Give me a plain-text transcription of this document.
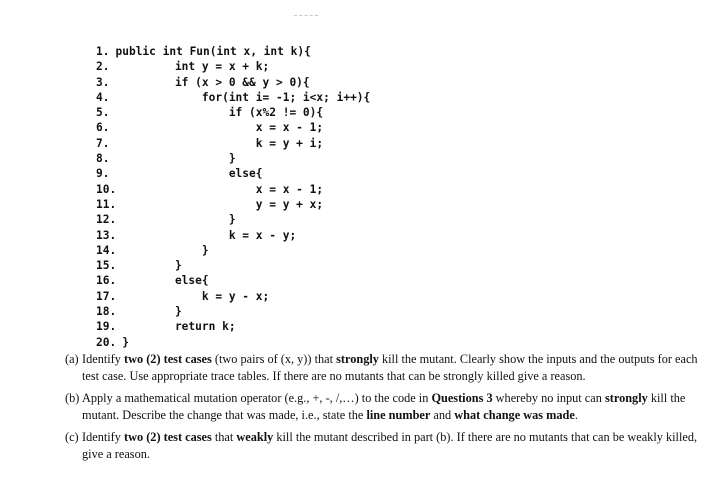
1. public int Fun(int x, int k){
2.	int y = x + k;
3.	if (x > 0 && y > 0){
4.	for(int i= -1; i<x; i++){
5.	if (x%2 != 0){
6.	x = x - 1;
7.	k = y + i;
8.	}
9.	else{
10.	x = x - 1;
11.	y = y + x;
12.	}
13.	k = x - y;
14.	}
15.	}
16.	else{
17.	k = y - x;
18.	}
19.	return k;
20. }
(a) Identify two (2) test cases (two pairs of (x, y)) that strongly kill the mutant. Clearly show the inputs and the outputs for each test case. Use appropriate trace tables. If there are no mutants that can be strongly killed give a reason.
(b) Apply a mathematical mutation operator (e.g., +, -, /,…) to the code in Questions 3 whereby no input can strongly kill the mutant. Describe the change that was made, i.e., state the line number and what change was made.
(c) Identify two (2) test cases that weakly kill the mutant described in part (b). If there are no mutants that can be weakly killed, give a reason.
